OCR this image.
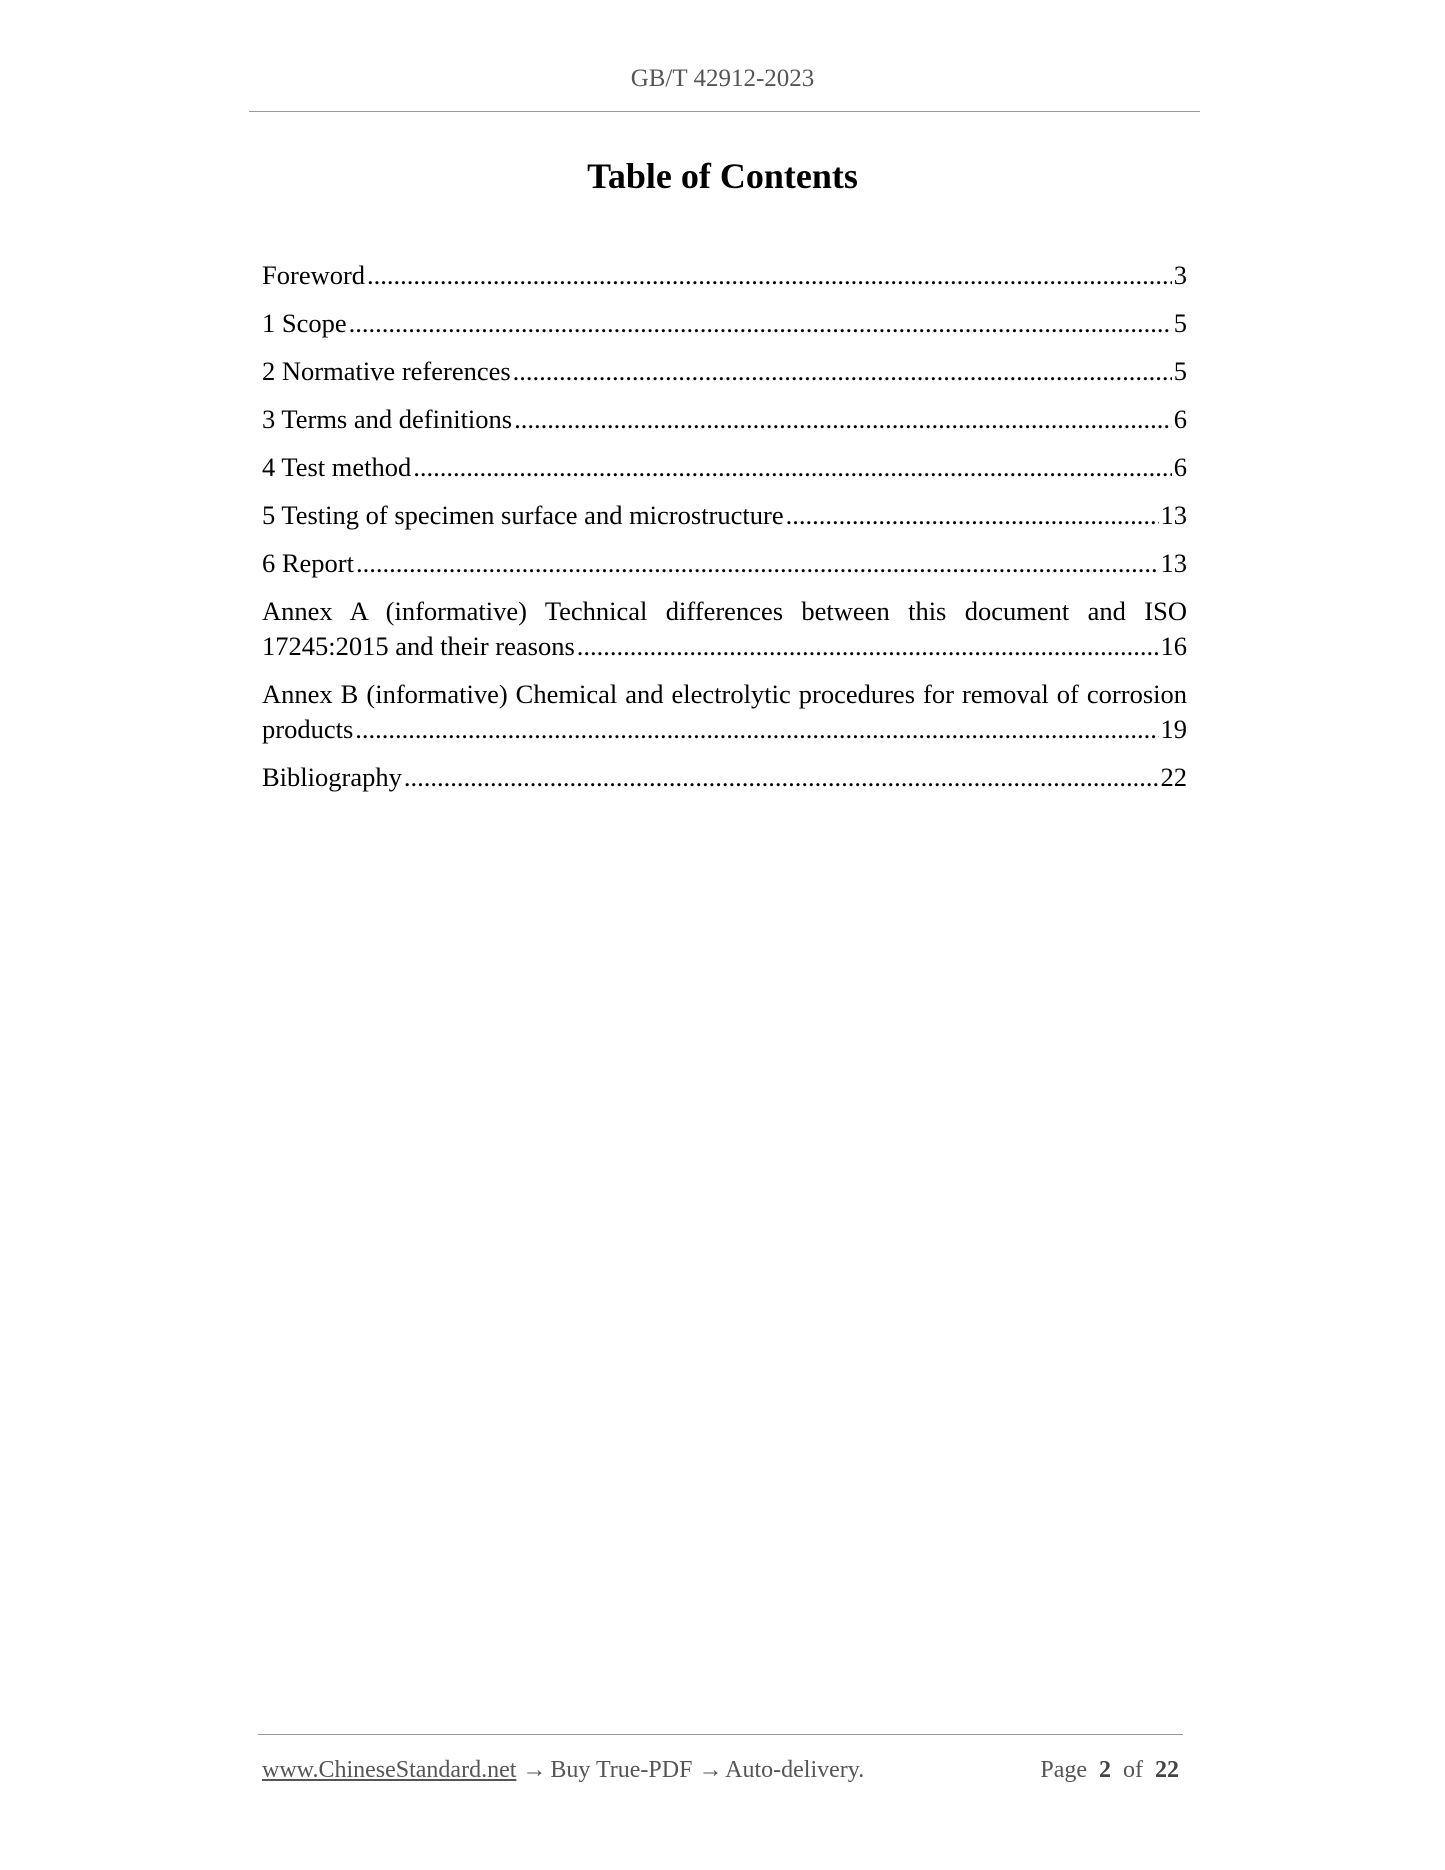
GB/T 42912-2023
Table of Contents
Foreword .....	3
1 Scope .....	5
2 Normative references .....	5
3 Terms and definitions .....	6
4 Test method .....	6
5 Testing of specimen surface and microstructure .....	13
6 Report .....	13
Annex A (informative) Technical differences between this document and ISO
17245:2015 and their reasons .....	16
Annex B (informative) Chemical and electrolytic procedures for removal of corrosion
products .....	19
Bibliography .....	22
www.ChineseStandard.net → Buy True-PDF → Auto-delivery.	Page 2 of 22
